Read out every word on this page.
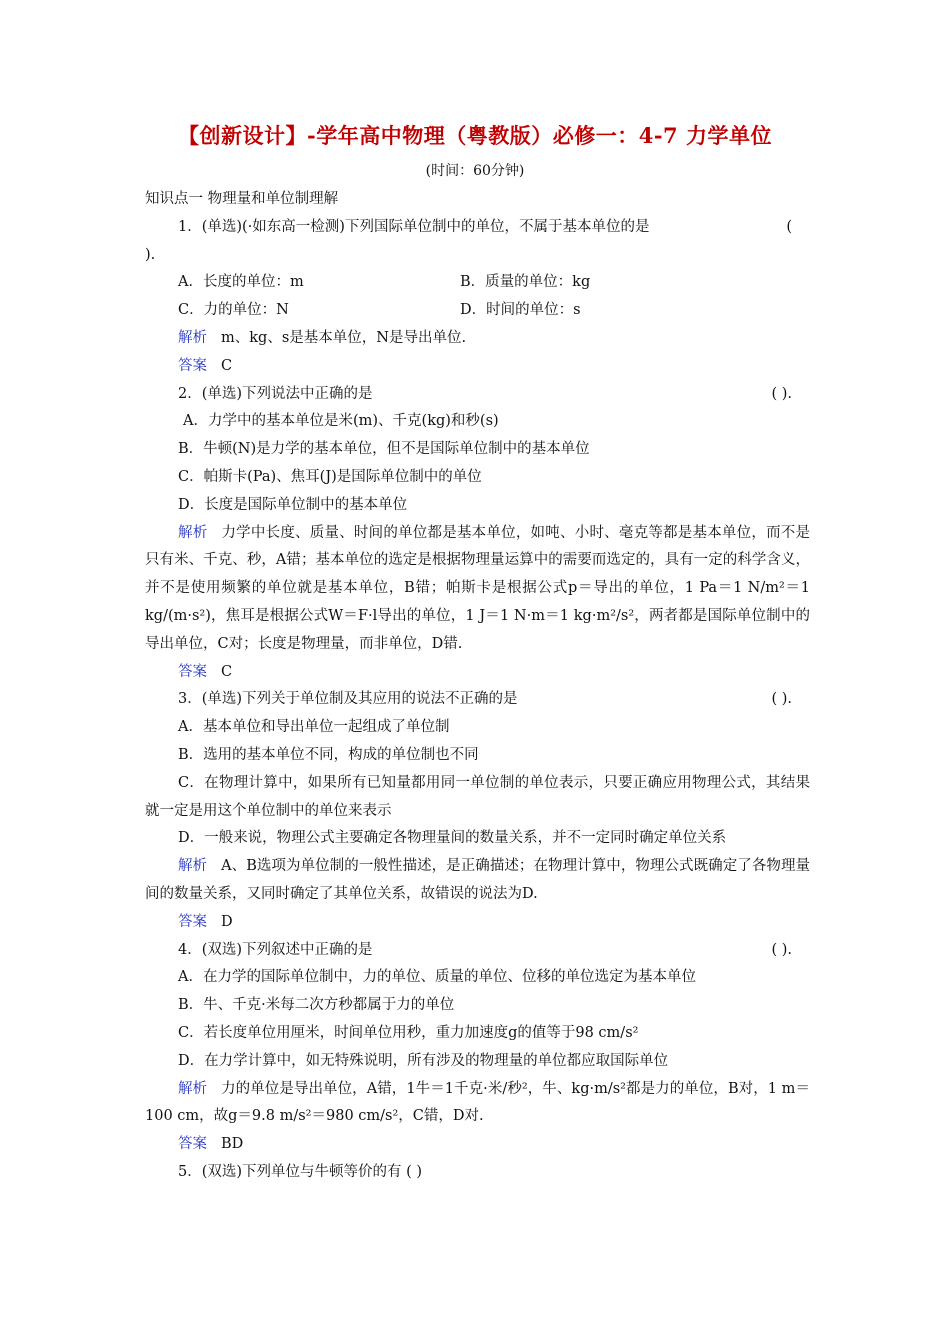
【创新设计】-学年高中物理（粤教版）必修一：4-7 力学单位
(时间：60分钟)
知识点一 物理量和单位制理解
1．(单选)(·如东高一检测)下列国际单位制中的单位，不属于基本单位的是	(
).
A．长度的单位：m	B．质量的单位：kg
C．力的单位：N	D．时间的单位：s
解析 m、kg、s是基本单位，N是导出单位.
答案 C
2．(单选)下列说法中正确的是	( ).
A．力学中的基本单位是米(m)、千克(kg)和秒(s)
B．牛顿(N)是力学的基本单位，但不是国际单位制中的基本单位
C．帕斯卡(Pa)、焦耳(J)是国际单位制中的单位
D．长度是国际单位制中的基本单位
解析 力学中长度、质量、时间的单位都是基本单位，如吨、小时、毫克等都是基本单位，而不是只有米、千克、秒，A错；基本单位的选定是根据物理量运算中的需要而选定的，具有一定的科学含义，并不是使用频繁的单位就是基本单位，B错；帕斯卡是根据公式p＝导出的单位，1 Pa＝1 N/m²＝1 kg/(m·s²)，焦耳是根据公式W＝F·l导出的单位，1 J＝1 N·m＝1 kg·m²/s²，两者都是国际单位制中的导出单位，C对；长度是物理量，而非单位，D错.
答案 C
3．(单选)下列关于单位制及其应用的说法不正确的是	( ).
A．基本单位和导出单位一起组成了单位制
B．选用的基本单位不同，构成的单位制也不同
C．在物理计算中，如果所有已知量都用同一单位制的单位表示，只要正确应用物理公式，其结果就一定是用这个单位制中的单位来表示
D．一般来说，物理公式主要确定各物理量间的数量关系，并不一定同时确定单位关系
解析 A、B选项为单位制的一般性描述，是正确描述；在物理计算中，物理公式既确定了各物理量间的数量关系，又同时确定了其单位关系，故错误的说法为D.
答案 D
4．(双选)下列叙述中正确的是	( ).
A．在力学的国际单位制中，力的单位、质量的单位、位移的单位选定为基本单位
B．牛、千克·米每二次方秒都属于力的单位
C．若长度单位用厘米，时间单位用秒，重力加速度g的值等于98 cm/s²
D．在力学计算中，如无特殊说明，所有涉及的物理量的单位都应取国际单位
解析 力的单位是导出单位，A错，1牛＝1千克·米/秒²，牛、kg·m/s²都是力的单位，B对，1 m＝100 cm，故g＝9.8 m/s²＝980 cm/s²，C错，D对.
答案 BD
5．(双选)下列单位与牛顿等价的有 ( )
